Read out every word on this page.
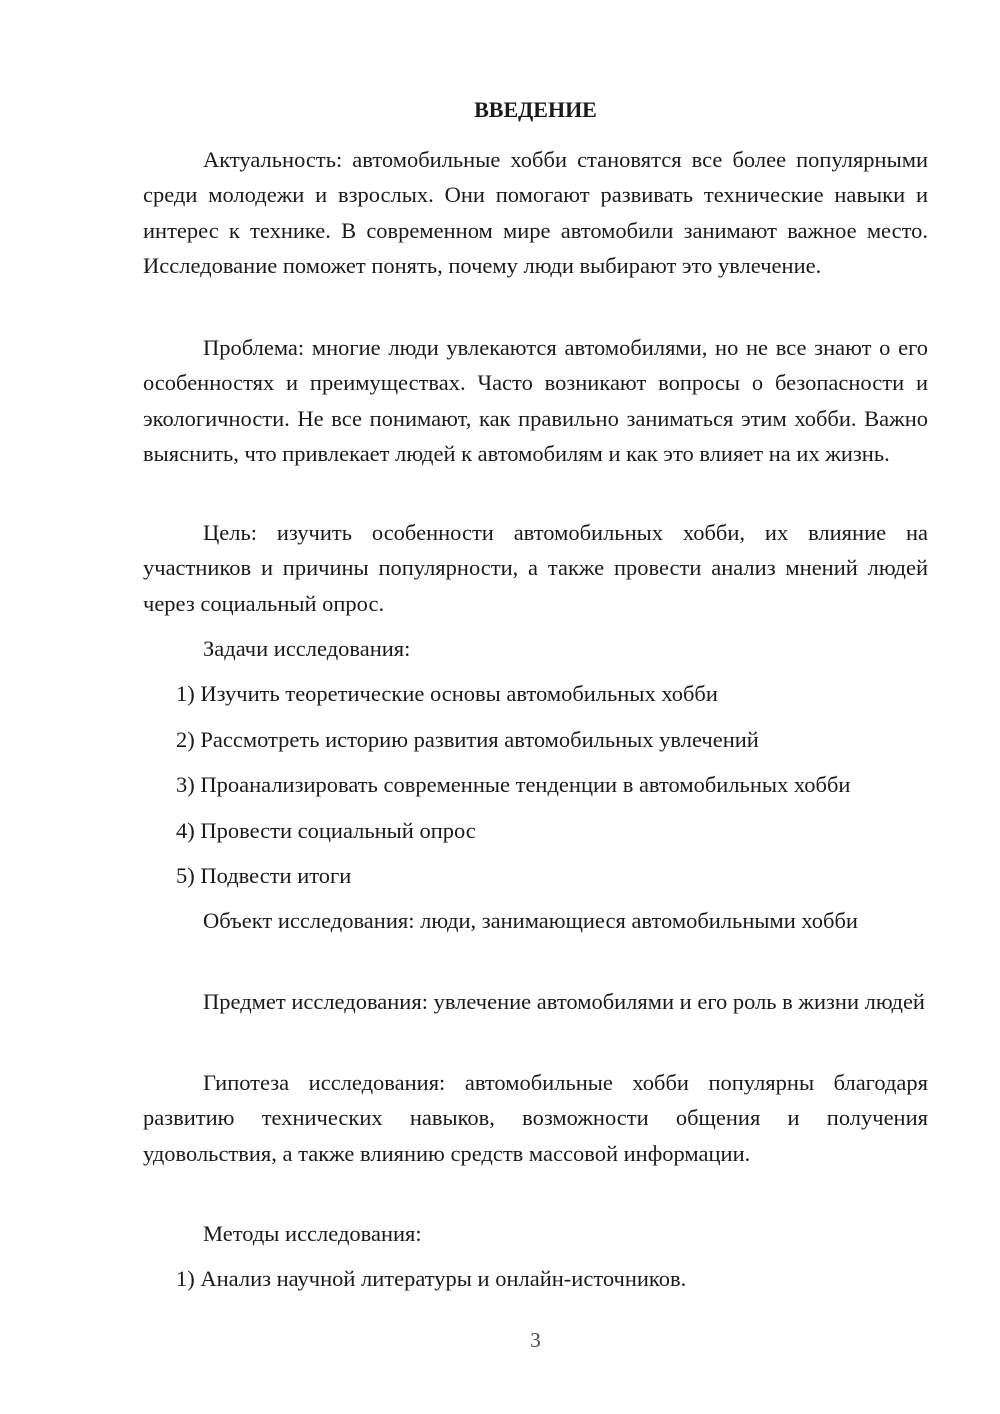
ВВЕДЕНИЕ

Актуальность: автомобильные хобби становятся все более популярными среди молодежи и взрослых. Они помогают развивать технические навыки и интерес к технике. В современном мире автомобили занимают важное место. Исследование поможет понять, почему люди выбирают это увлечение.

Проблема: многие люди увлекаются автомобилями, но не все знают о его особенностях и преимуществах. Часто возникают вопросы о безопасности и экологичности. Не все понимают, как правильно заниматься этим хобби. Важно выяснить, что привлекает людей к автомобилям и как это влияет на их жизнь.

Цель: изучить особенности автомобильных хобби, их влияние на участников и причины популярности, а также провести анализ мнений людей через социальный опрос.

Задачи исследования:

1) Изучить теоретические основы автомобильных хобби

2) Рассмотреть историю развития автомобильных увлечений

3) Проанализировать современные тенденции в автомобильных хобби

4) Провести социальный опрос

5) Подвести итоги

Объект исследования: люди, занимающиеся автомобильными хобби

Предмет исследования: увлечение автомобилями и его роль в жизни людей

Гипотеза исследования: автомобильные хобби популярны благодаря развитию технических навыков, возможности общения и получения удовольствия, а также влиянию средств массовой информации.

Методы исследования:

1) Анализ научной литературы и онлайн-источников.

3
